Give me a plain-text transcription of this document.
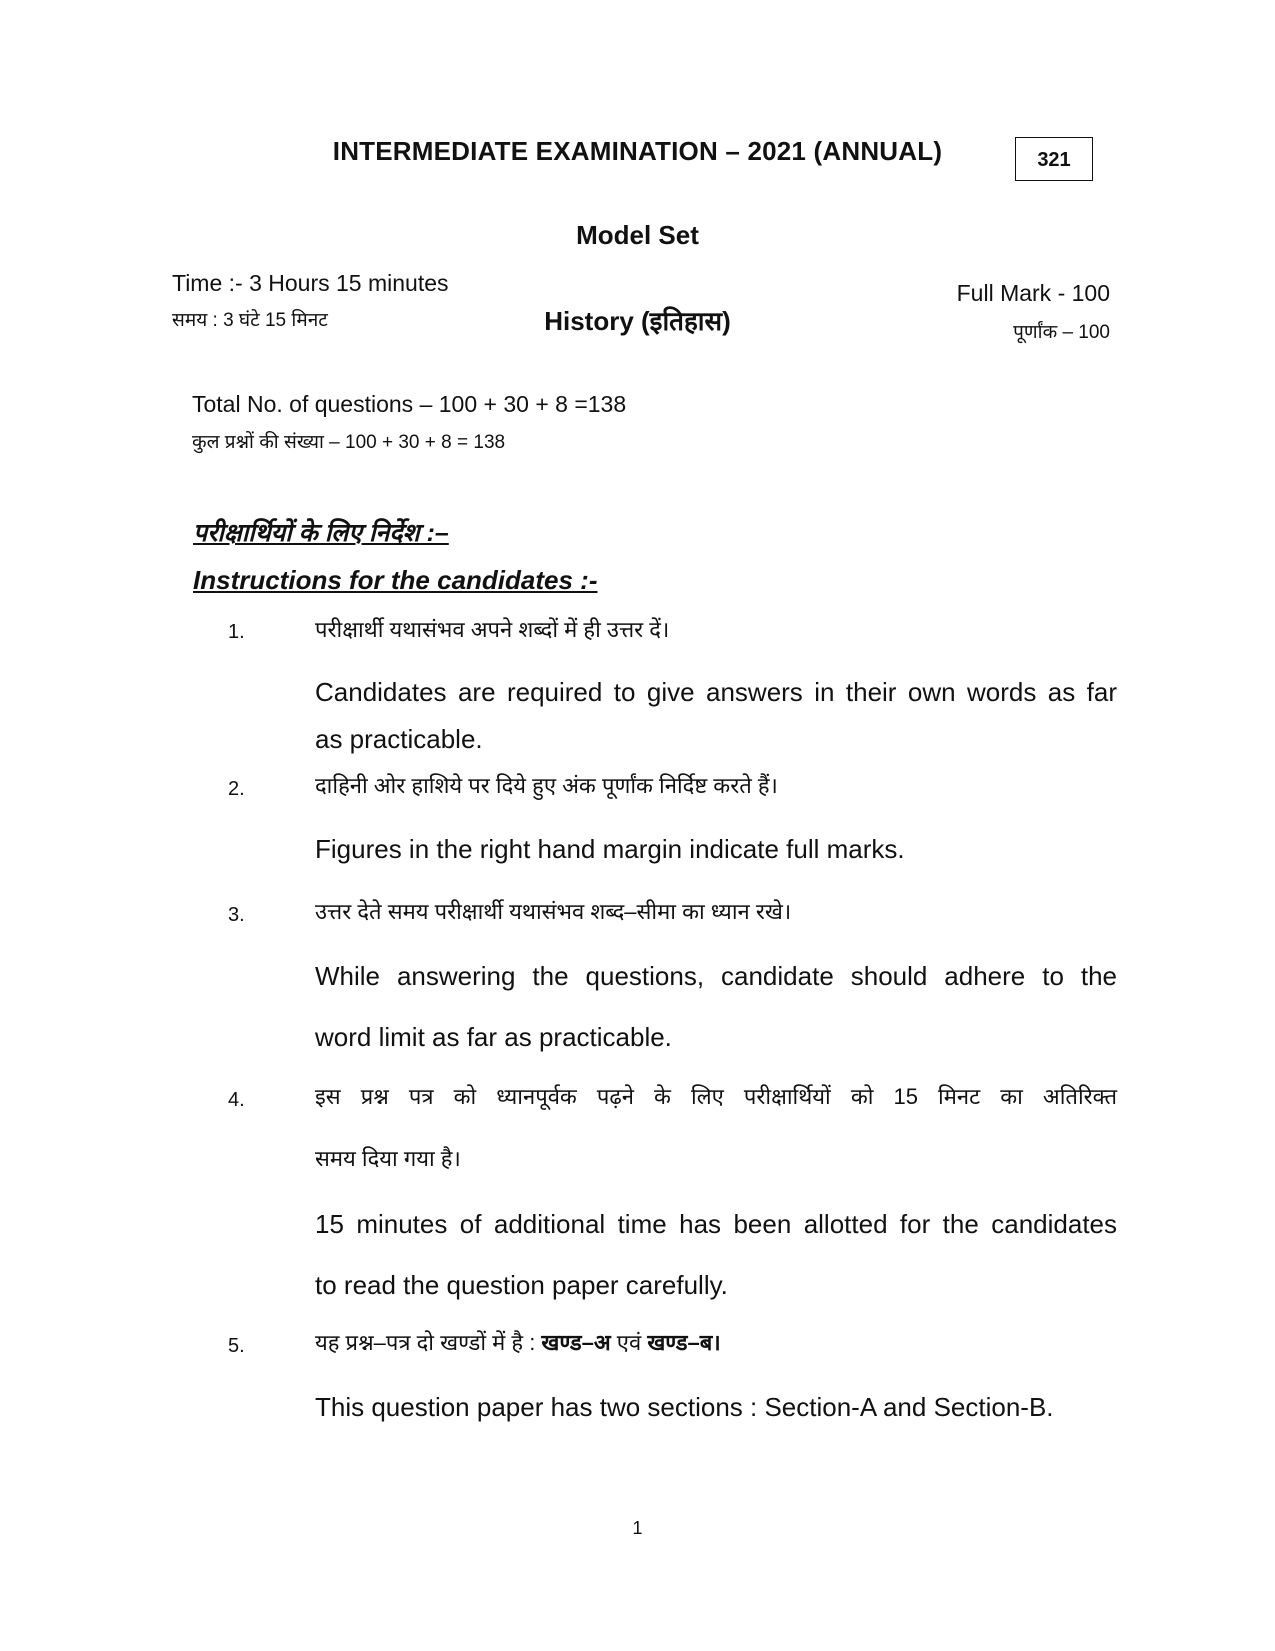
INTERMEDIATE EXAMINATION – 2021 (ANNUAL)	321
Model Set
Time :- 3 Hours 15 minutes
समय : 3 घंटे 15 मिनट	History (इतिहास)
Full Mark - 100
पूर्णांक – 100
Total No. of questions – 100 + 30 + 8 =138
कुल प्रश्नों की संख्या – 100 + 30 + 8 = 138
परीक्षार्थियों के लिए निर्देश :–
Instructions for the candidates :-
1.	परीक्षार्थी यथासंभव अपने शब्दों में ही उत्तर दें।
Candidates are required to give answers in their own words as far
as practicable.
2.	दाहिनी ओर हाशिये पर दिये हुए अंक पूर्णांक निर्दिष्ट करते हैं।
Figures in the right hand margin indicate full marks.
3.	उत्तर देते समय परीक्षार्थी यथासंभव शब्द–सीमा का ध्यान रखे।
While answering the questions, candidate should adhere to the
word limit as far as practicable.
4.	इस प्रश्न पत्र को ध्यानपूर्वक पढ़ने के लिए परीक्षार्थियों को 15 मिनट का अतिरिक्त
समय दिया गया है।
15 minutes of additional time has been allotted for the candidates
to read the question paper carefully.
5.	यह प्रश्न–पत्र दो खण्डों में है : खण्ड–अ एवं खण्ड–ब।
This question paper has two sections : Section-A and Section-B.
1
